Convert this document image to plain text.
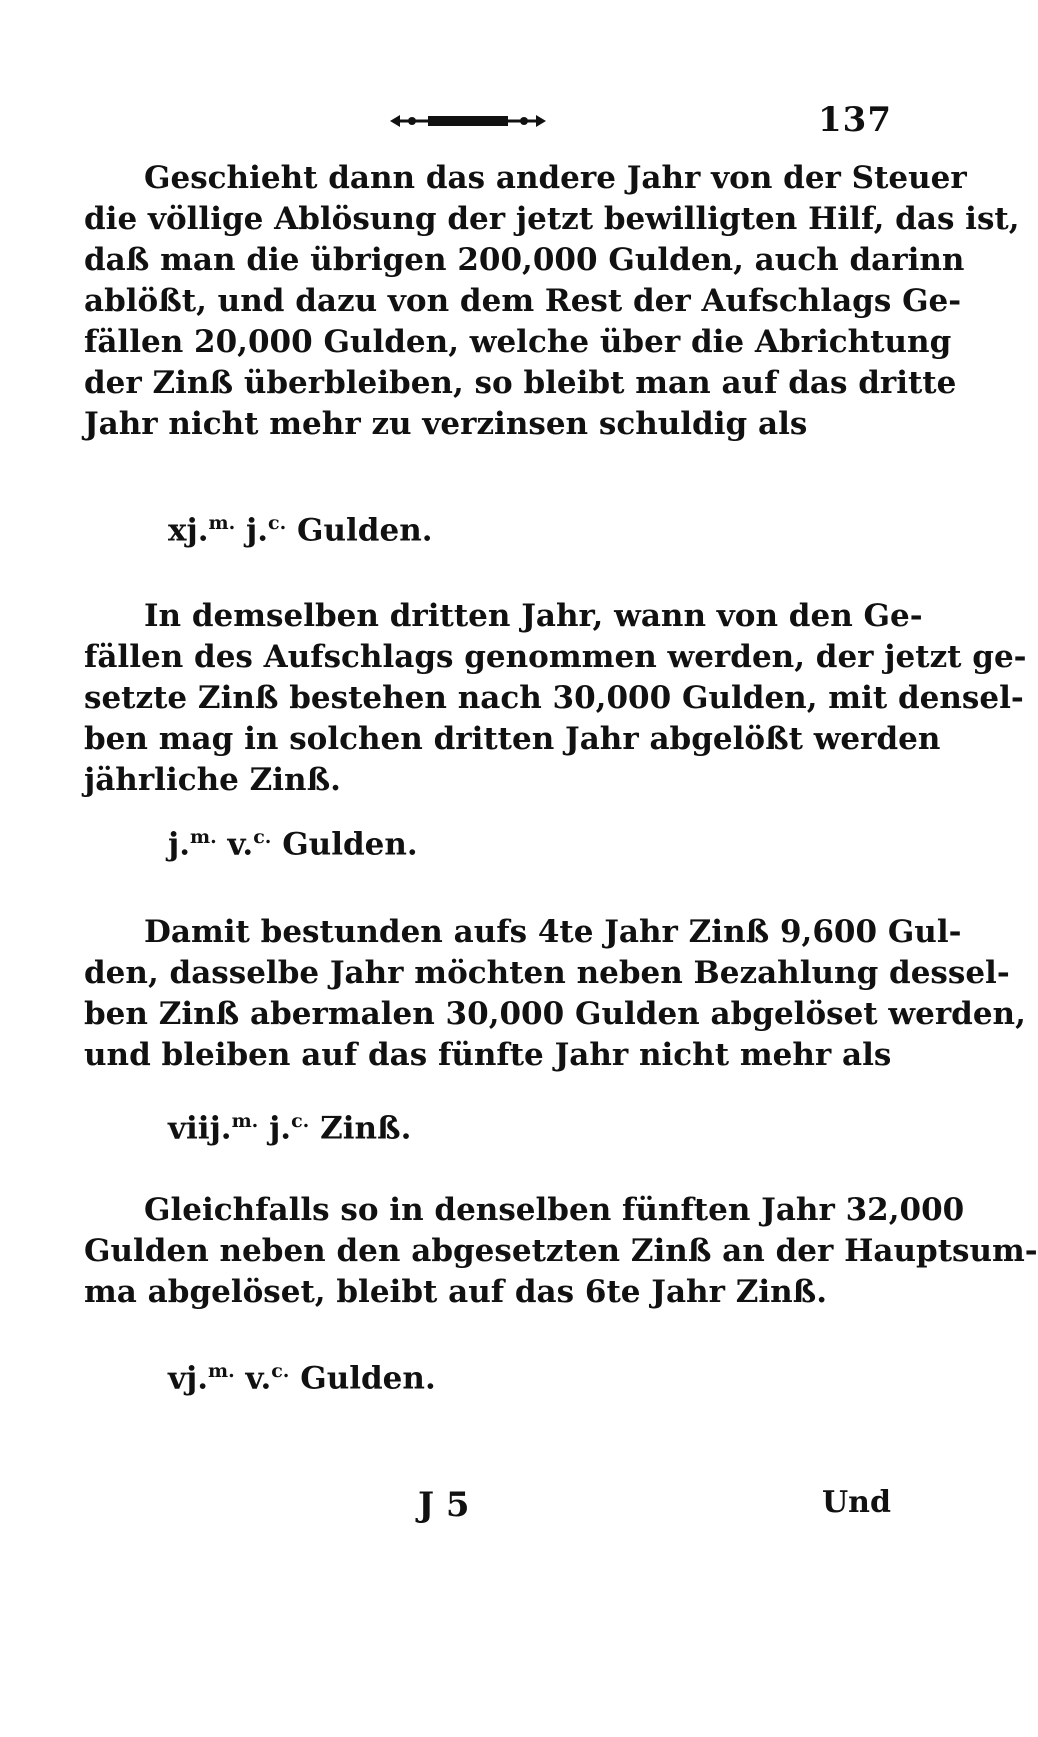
137

Geschieht dann das andere Jahr von der Steuer
die völlige Ablösung der jetzt bewilligten Hilf, das ist,
daß man die übrigen 200,000 Gulden, auch darinn
ablößt, und dazu von dem Rest der Aufschlags Ge-
fällen 20,000 Gulden, welche über die Abrichtung
der Zinß überbleiben, so bleibt man auf das dritte
Jahr nicht mehr zu verzinsen schuldig als

xj.$^{m.}$ j.$^{c.}$ Gulden.

In demselben dritten Jahr, wann von den Ge-
fällen des Aufschlags genommen werden, der jetzt ge-
setzte Zinß bestehen nach 30,000 Gulden, mit densel-
ben mag in solchen dritten Jahr abgelößt werden
jährliche Zinß.

j.$^{m.}$ v.$^{c.}$ Gulden.

Damit bestunden aufs 4te Jahr Zinß 9,600 Gul-
den, dasselbe Jahr möchten neben Bezahlung dessel-
ben Zinß abermalen 30,000 Gulden abgelöset werden,
und bleiben auf das fünfte Jahr nicht mehr als

viij.$^{m.}$ j.$^{c.}$ Zinß.

Gleichfalls so in denselben fünften Jahr 32,000
Gulden neben den abgesetzten Zinß an der Hauptsum-
ma abgelöset, bleibt auf das 6te Jahr Zinß.

vj.$^{m.}$ v.$^{c.}$ Gulden.
J 5	Und
